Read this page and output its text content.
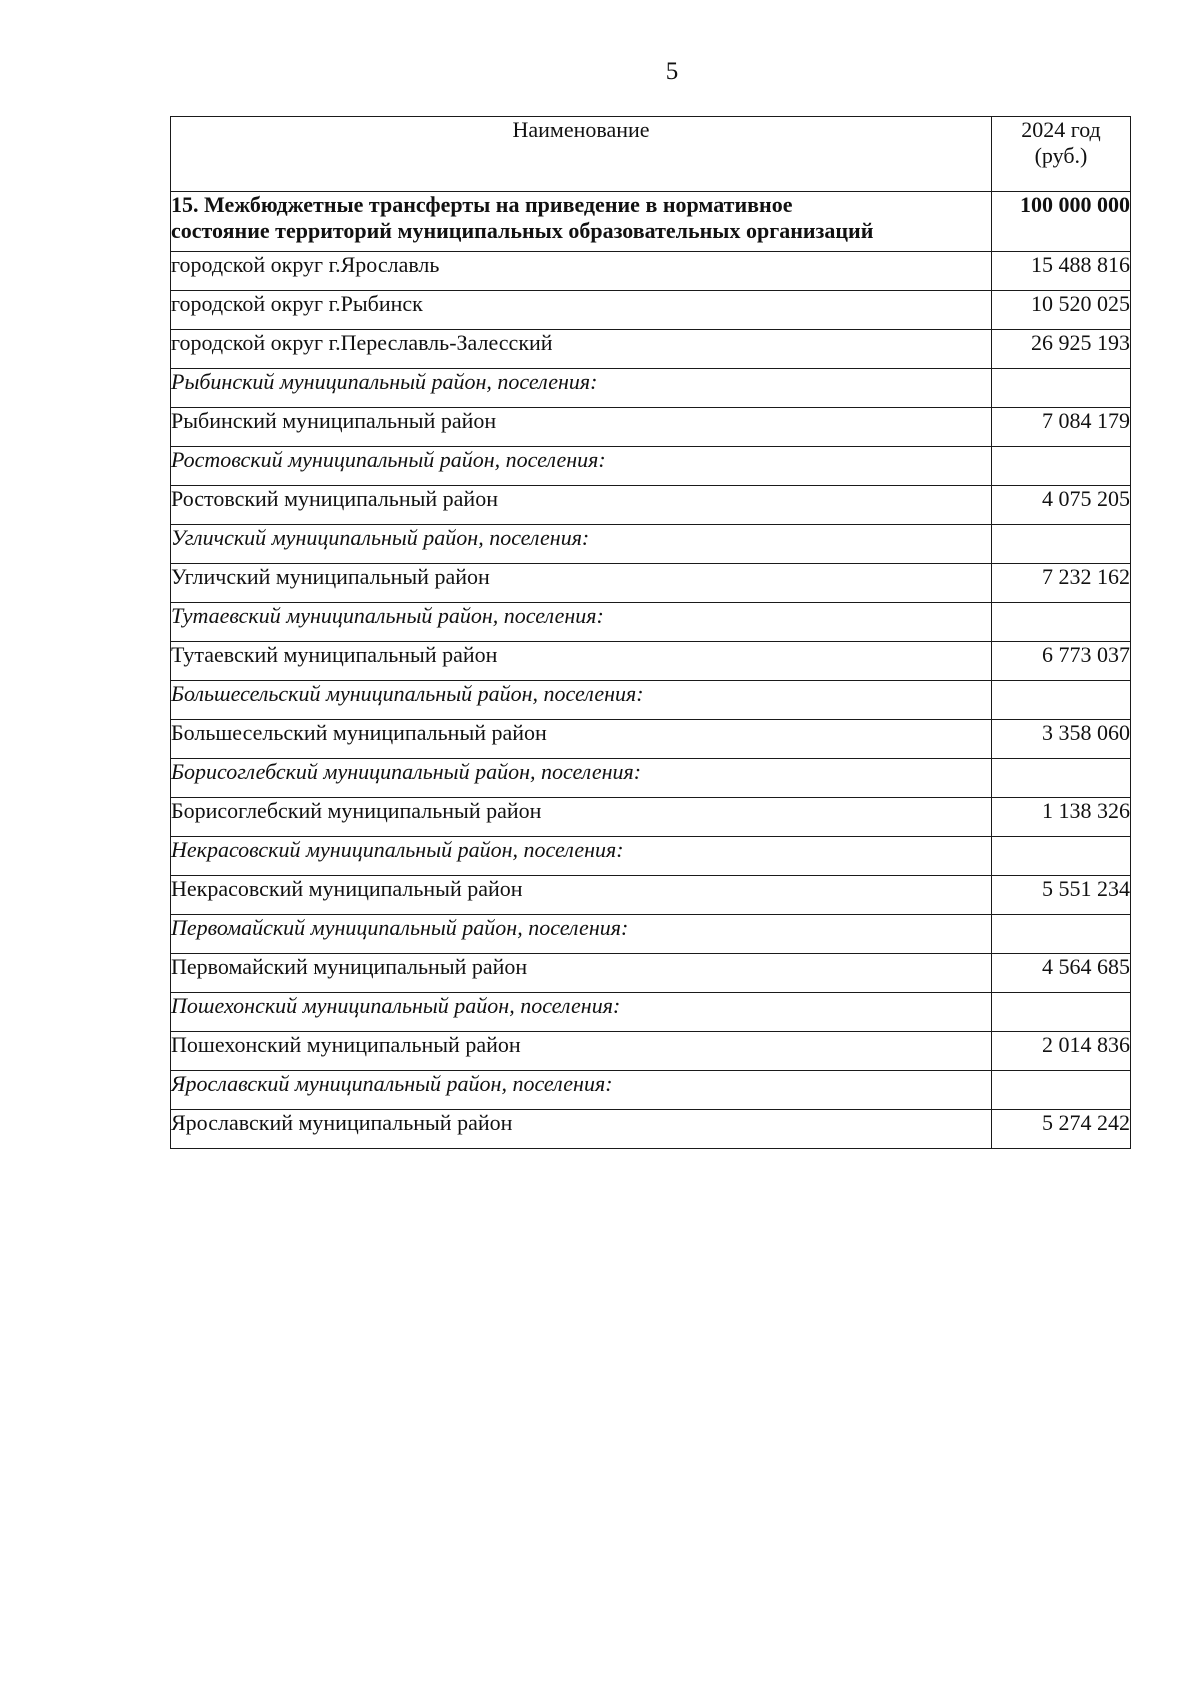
5
Наименование	2024 год
(руб.)
15. Межбюджетные трансферты на приведение в нормативное
состояние территорий муниципальных образовательных организаций	100 000 000
городской округ г.Ярославль	15 488 816
городской округ г.Рыбинск	10 520 025
городской округ г.Переславль-Залесский	26 925 193
Рыбинский муниципальный район, поселения:	
Рыбинский муниципальный район	7 084 179
Ростовский муниципальный район, поселения:	
Ростовский муниципальный район	4 075 205
Угличский муниципальный район, поселения:	
Угличский муниципальный район	7 232 162
Тутаевский муниципальный район, поселения:	
Тутаевский муниципальный район	6 773 037
Большесельский муниципальный район, поселения:	
Большесельский муниципальный район	3 358 060
Борисоглебский муниципальный район, поселения:	
Борисоглебский муниципальный район	1 138 326
Некрасовский муниципальный район, поселения:	
Некрасовский муниципальный район	5 551 234
Первомайский муниципальный район, поселения:	
Первомайский муниципальный район	4 564 685
Пошехонский муниципальный район, поселения:	
Пошехонский муниципальный район	2 014 836
Ярославский муниципальный район, поселения:	
Ярославский муниципальный район	5 274 242
